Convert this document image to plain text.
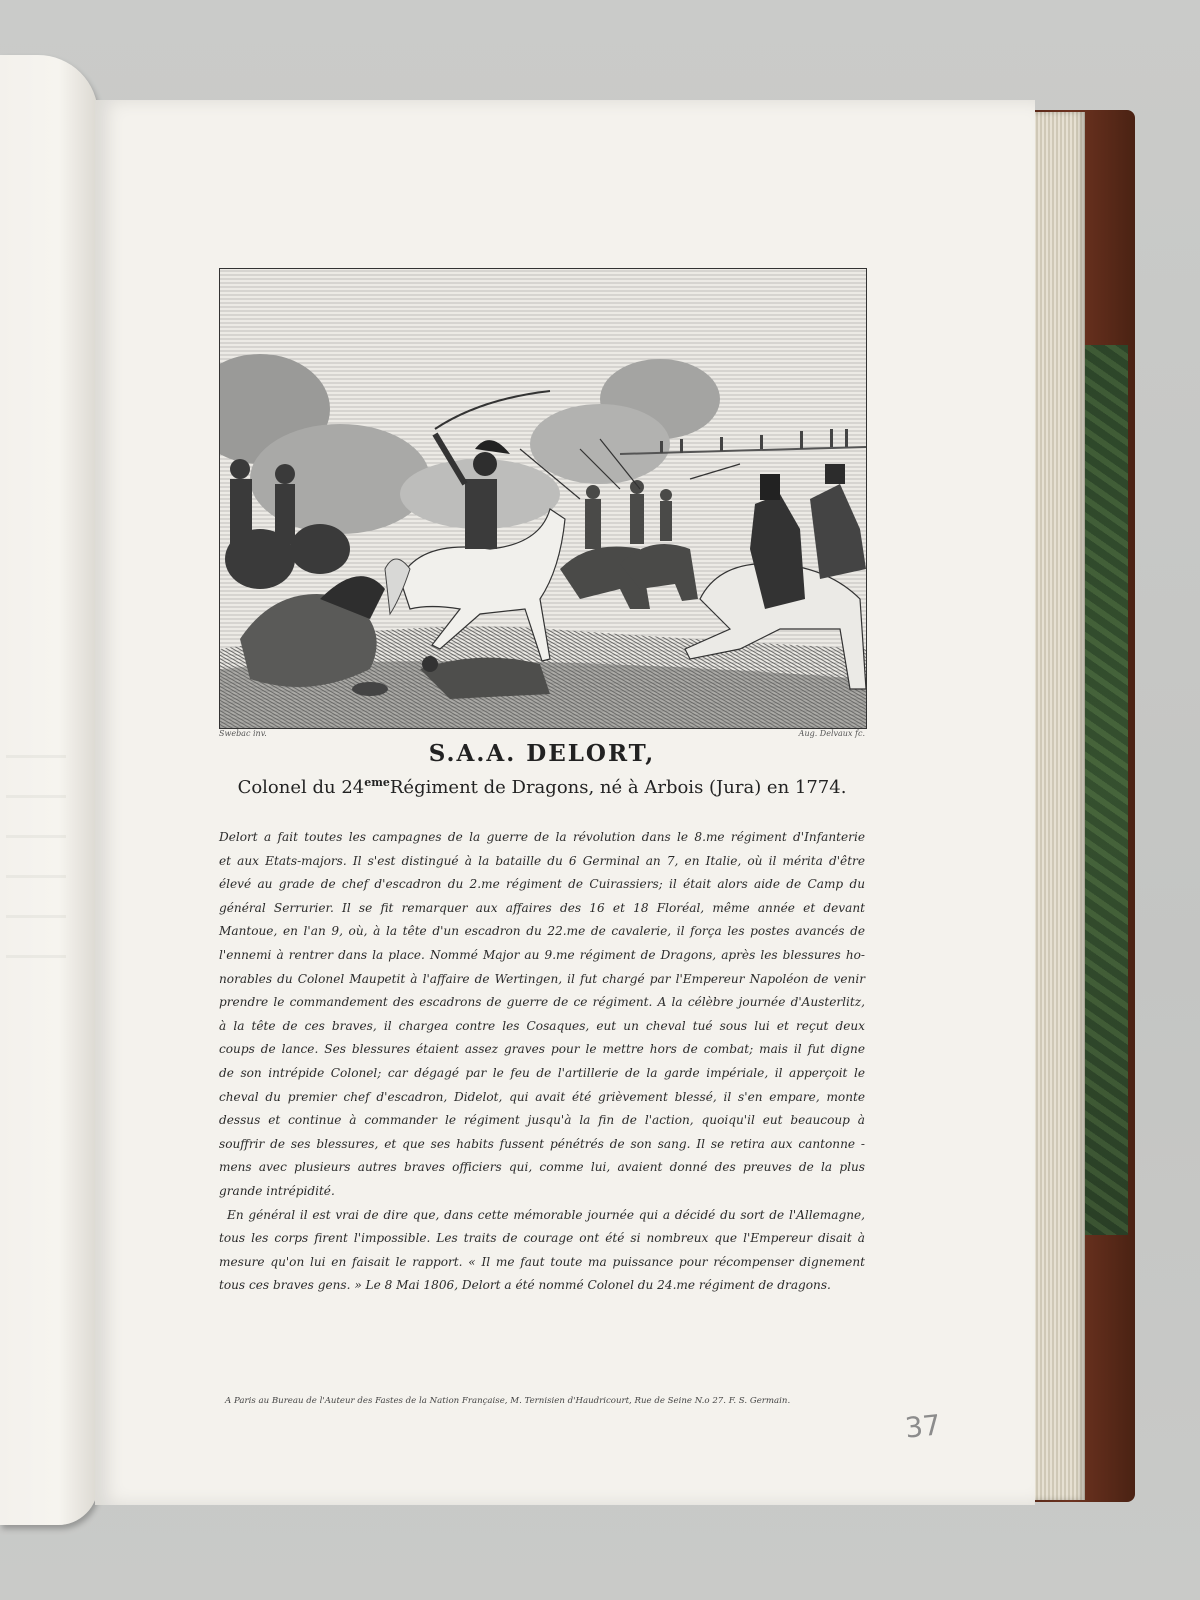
Swebac inv.	Aug. Delvaux fc.
S.A.A. DELORT,
Colonel du 24emeRégiment de Dragons, né à Arbois (Jura) en 1774.
Delort a fait toutes les campagnes de la guerre de la révolution dans le 8.me régiment d'Infanterie
et aux Etats-majors. Il s'est distingué à la bataille du 6 Germinal an 7, en Italie, où il mérita d'être
élevé au grade de chef d'escadron du 2.me régiment de Cuirassiers; il était alors aide de Camp du
général Serrurier. Il se fit remarquer aux affaires des 16 et 18 Floréal, même année et devant
Mantoue, en l'an 9, où, à la tête d'un escadron du 22.me de cavalerie, il força les postes avancés de
l'ennemi à rentrer dans la place. Nommé Major au 9.me régiment de Dragons, après les blessures ho-
norables du Colonel Maupetit à l'affaire de Wertingen, il fut chargé par l'Empereur Napoléon de venir
prendre le commandement des escadrons de guerre de ce régiment. A la célèbre journée d'Austerlitz,
à la tête de ces braves, il chargea contre les Cosaques, eut un cheval tué sous lui et reçut deux
coups de lance. Ses blessures étaient assez graves pour le mettre hors de combat; mais il fut digne
de son intrépide Colonel; car dégagé par le feu de l'artillerie de la garde impériale, il apperçoit le
cheval du premier chef d'escadron, Didelot, qui avait été grièvement blessé, il s'en empare, monte
dessus et continue à commander le régiment jusqu'à la fin de l'action, quoiqu'il eut beaucoup à
souffrir de ses blessures, et que ses habits fussent pénétrés de son sang. Il se retira aux cantonne -
mens avec plusieurs autres braves officiers qui, comme lui, avaient donné des preuves de la plus
grande intrépidité.
En général il est vrai de dire que, dans cette mémorable journée qui a décidé du sort de l'Allemagne,
tous les corps firent l'impossible. Les traits de courage ont été si nombreux que l'Empereur disait à
mesure qu'on lui en faisait le rapport. « Il me faut toute ma puissance pour récompenser dignement
tous ces braves gens. » Le 8 Mai 1806, Delort a été nommé Colonel du 24.me régiment de dragons.
A Paris au Bureau de l'Auteur des Fastes de la Nation Française, M. Ternisien d'Haudricourt, Rue de Seine N.o 27. F. S. Germain.
37
